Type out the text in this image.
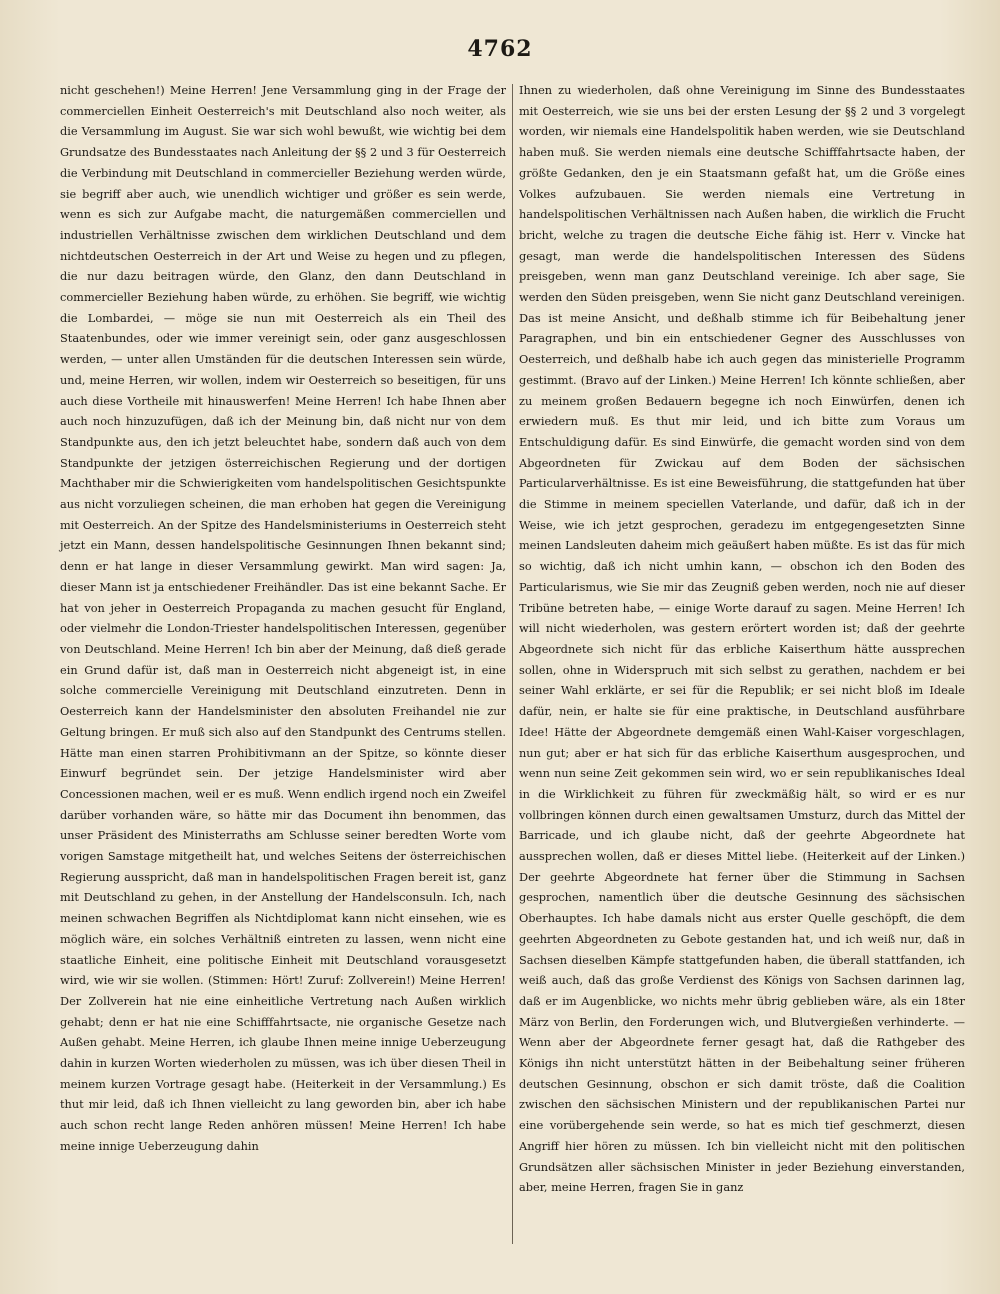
4762

nicht geschehen!) Meine Herren! Jene Versammlung ging in der Frage der commerciellen Einheit Oesterreich's mit Deutschland also noch weiter, als die Versammlung im August. Sie war sich wohl bewußt, wie wichtig bei dem Grundsatze des Bundesstaates nach Anleitung der §§ 2 und 3 für Oesterreich die Verbindung mit Deutschland in commercieller Beziehung werden würde, sie begriff aber auch, wie unendlich wichtiger und größer es sein werde, wenn es sich zur Aufgabe macht, die naturgemäßen commerciellen und industriellen Verhältnisse zwischen dem wirklichen Deutschland und dem nichtdeutschen Oesterreich in der Art und Weise zu hegen und zu pflegen, die nur dazu beitragen würde, den Glanz, den dann Deutschland in commercieller Beziehung haben würde, zu erhöhen. Sie begriff, wie wichtig die Lombardei, — möge sie nun mit Oesterreich als ein Theil des Staatenbundes, oder wie immer vereinigt sein, oder ganz ausgeschlossen werden, — unter allen Umständen für die deutschen Interessen sein würde, und, meine Herren, wir wollen, indem wir Oesterreich so beseitigen, für uns auch diese Vortheile mit hinauswerfen! Meine Herren! Ich habe Ihnen aber auch noch hinzuzufügen, daß ich der Meinung bin, daß nicht nur von dem Standpunkte aus, den ich jetzt beleuchtet habe, sondern daß auch von dem Standpunkte der jetzigen österreichischen Regierung und der dortigen Machthaber mir die Schwierigkeiten vom handelspolitischen Gesichtspunkte aus nicht vorzuliegen scheinen, die man erhoben hat gegen die Vereinigung mit Oesterreich. An der Spitze des Handelsministeriums in Oesterreich steht jetzt ein Mann, dessen handelspolitische Gesinnungen Ihnen bekannt sind; denn er hat lange in dieser Versammlung gewirkt. Man wird sagen: Ja, dieser Mann ist ja entschiedener Freihändler. Das ist eine bekannt Sache. Er hat von jeher in Oesterreich Propaganda zu machen gesucht für England, oder vielmehr die London-Triester handelspolitischen Interessen, gegenüber von Deutschland. Meine Herren! Ich bin aber der Meinung, daß dieß gerade ein Grund dafür ist, daß man in Oesterreich nicht abgeneigt ist, in eine solche commercielle Vereinigung mit Deutschland einzutreten. Denn in Oesterreich kann der Handelsminister den absoluten Freihandel nie zur Geltung bringen. Er muß sich also auf den Standpunkt des Centrums stellen. Hätte man einen starren Prohibitivmann an der Spitze, so könnte dieser Einwurf begründet sein. Der jetzige Handelsminister wird aber Concessionen machen, weil er es muß. Wenn endlich irgend noch ein Zweifel darüber vorhanden wäre, so hätte mir das Document ihn benommen, das unser Präsident des Ministerraths am Schlusse seiner beredten Worte vom vorigen Samstage mitgetheilt hat, und welches Seitens der österreichischen Regierung ausspricht, daß man in handelspolitischen Fragen bereit ist, ganz mit Deutschland zu gehen, in der Anstellung der Handelsconsuln. Ich, nach meinen schwachen Begriffen als Nichtdiplomat kann nicht einsehen, wie es möglich wäre, ein solches Verhältniß eintreten zu lassen, wenn nicht eine staatliche Einheit, eine politische Einheit mit Deutschland vorausgesetzt wird, wie wir sie wollen. (Stimmen: Hört! Zuruf: Zollverein!) Meine Herren! Der Zollverein hat nie eine einheitliche Vertretung nach Außen wirklich gehabt; denn er hat nie eine Schifffahrtsacte, nie organische Gesetze nach Außen gehabt. Meine Herren, ich glaube Ihnen meine innige Ueberzeugung dahin in kurzen Worten wiederholen zu müssen, was ich über diesen Theil in meinem kurzen Vortrage gesagt habe. (Heiterkeit in der Versammlung.) Es thut mir leid, daß ich Ihnen vielleicht zu lang geworden bin, aber ich habe auch schon recht lange Reden anhören müssen! Meine Herren! Ich habe meine innige Ueberzeugung dahin

Ihnen zu wiederholen, daß ohne Vereinigung im Sinne des Bundesstaates mit Oesterreich, wie sie uns bei der ersten Lesung der §§ 2 und 3 vorgelegt worden, wir niemals eine Handelspolitik haben werden, wie sie Deutschland haben muß. Sie werden niemals eine deutsche Schifffahrtsacte haben, der größte Gedanken, den je ein Staatsmann gefaßt hat, um die Größe eines Volkes aufzubauen. Sie werden niemals eine Vertretung in handelspolitischen Verhältnissen nach Außen haben, die wirklich die Frucht bricht, welche zu tragen die deutsche Eiche fähig ist. Herr v. Vincke hat gesagt, man werde die handelspolitischen Interessen des Südens preisgeben, wenn man ganz Deutschland vereinige. Ich aber sage, Sie werden den Süden preisgeben, wenn Sie nicht ganz Deutschland vereinigen. Das ist meine Ansicht, und deßhalb stimme ich für Beibehaltung jener Paragraphen, und bin ein entschiedener Gegner des Ausschlusses von Oesterreich, und deßhalb habe ich auch gegen das ministerielle Programm gestimmt. (Bravo auf der Linken.) Meine Herren! Ich könnte schließen, aber zu meinem großen Bedauern begegne ich noch Einwürfen, denen ich erwiedern muß. Es thut mir leid, und ich bitte zum Voraus um Entschuldigung dafür. Es sind Einwürfe, die gemacht worden sind von dem Abgeordneten für Zwickau auf dem Boden der sächsischen Particularverhältnisse. Es ist eine Beweisführung, die stattgefunden hat über die Stimme in meinem speciellen Vaterlande, und dafür, daß ich in der Weise, wie ich jetzt gesprochen, geradezu im entgegengesetzten Sinne meinen Landsleuten daheim mich geäußert haben müßte. Es ist das für mich so wichtig, daß ich nicht umhin kann, — obschon ich den Boden des Particularismus, wie Sie mir das Zeugniß geben werden, noch nie auf dieser Tribüne betreten habe, — einige Worte darauf zu sagen. Meine Herren! Ich will nicht wiederholen, was gestern erörtert worden ist; daß der geehrte Abgeordnete sich nicht für das erbliche Kaiserthum hätte aussprechen sollen, ohne in Widerspruch mit sich selbst zu gerathen, nachdem er bei seiner Wahl erklärte, er sei für die Republik; er sei nicht bloß im Ideale dafür, nein, er halte sie für eine praktische, in Deutschland ausführbare Idee! Hätte der Abgeordnete demgemäß einen Wahl-Kaiser vorgeschlagen, nun gut; aber er hat sich für das erbliche Kaiserthum ausgesprochen, und wenn nun seine Zeit gekommen sein wird, wo er sein republikanisches Ideal in die Wirklichkeit zu führen für zweckmäßig hält, so wird er es nur vollbringen können durch einen gewaltsamen Umsturz, durch das Mittel der Barricade, und ich glaube nicht, daß der geehrte Abgeordnete hat aussprechen wollen, daß er dieses Mittel liebe. (Heiterkeit auf der Linken.) Der geehrte Abgeordnete hat ferner über die Stimmung in Sachsen gesprochen, namentlich über die deutsche Gesinnung des sächsischen Oberhauptes. Ich habe damals nicht aus erster Quelle geschöpft, die dem geehrten Abgeordneten zu Gebote gestanden hat, und ich weiß nur, daß in Sachsen dieselben Kämpfe stattgefunden haben, die überall stattfanden, ich weiß auch, daß das große Verdienst des Königs von Sachsen darinnen lag, daß er im Augenblicke, wo nichts mehr übrig geblieben wäre, als ein 18ter März von Berlin, den Forderungen wich, und Blutvergießen verhinderte. — Wenn aber der Abgeordnete ferner gesagt hat, daß die Rathgeber des Königs ihn nicht unterstützt hätten in der Beibehaltung seiner früheren deutschen Gesinnung, obschon er sich damit tröste, daß die Coalition zwischen den sächsischen Ministern und der republikanischen Partei nur eine vorübergehende sein werde, so hat es mich tief geschmerzt, diesen Angriff hier hören zu müssen. Ich bin vielleicht nicht mit den politischen Grundsätzen aller sächsischen Minister in jeder Beziehung einverstanden, aber, meine Herren, fragen Sie in ganz
